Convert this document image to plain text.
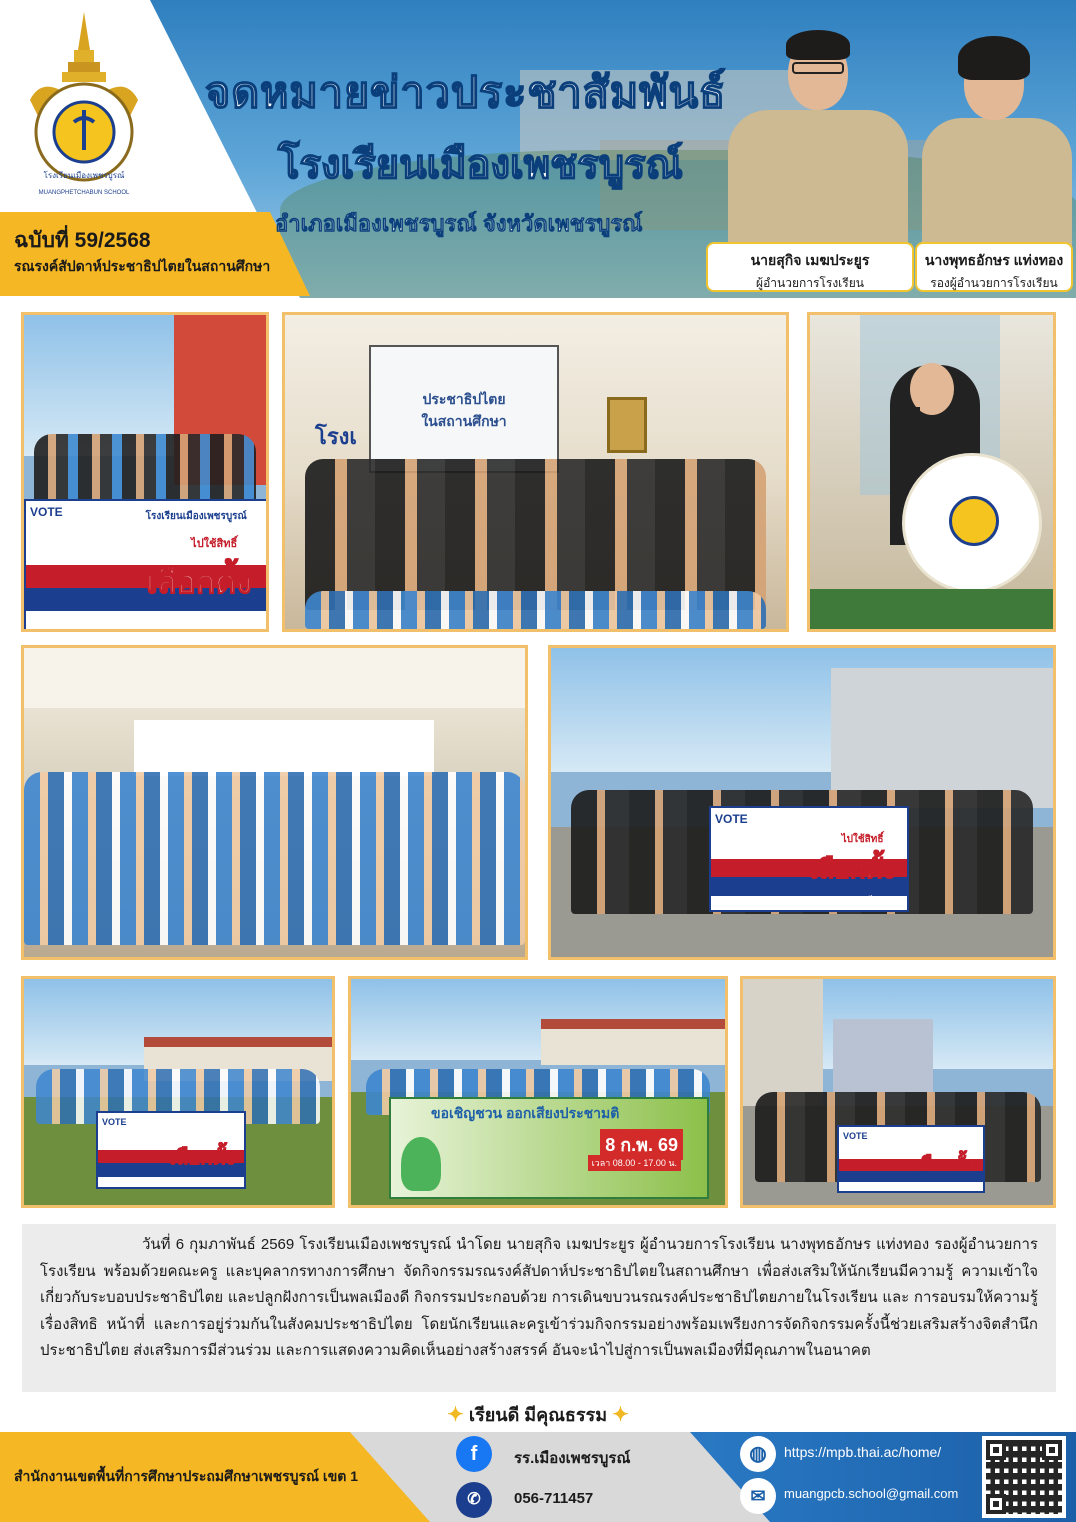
โรงเรียนเมืองเพชรบูรณ์
MUANGPHETCHABUN SCHOOL
ฉบับที่ 59/2568
รณรงค์สัปดาห์ประชาธิปไตยในสถานศึกษา
จดหมายข่าวประชาสัมพันธ์
โรงเรียนเมืองเพชรบูรณ์
อำเภอเมืองเพชรบูรณ์ จังหวัดเพชรบูรณ์
นายสุกิจ เมฆประยูร
ผู้อำนวยการโรงเรียน
นางพุทธอักษร แท่งทอง
รองผู้อำนวยการโรงเรียน
VOTE	โรงเรียนเมืองเพชรบูรณ์
ไปใช้สิทธิ์
เลือกตั้ง
และออกเสียง
ประชาธิปไตย
ในสถานศึกษา
โรงเ
VOTE
ไปใช้สิทธิ์
เลือกตั้ง
และออกเสียง
VOTE
เลือกตั้ง
ขอเชิญชวน ออกเสียงประชามติ
8 ก.พ. 69
เวลา 08.00 - 17.00 น.
VOTE
เลือกตั้ง

วันที่ 6 กุมภาพันธ์ 2569 โรงเรียนเมืองเพชรบูรณ์ นำโดย นายสุกิจ เมฆประยูร ผู้อำนวยการโรงเรียน นางพุทธอักษร แท่งทอง รองผู้อำนวยการโรงเรียน พร้อมด้วยคณะครู และบุคลากรทางการศึกษา จัดกิจกรรมรณรงค์สัปดาห์ประชาธิปไตยในสถานศึกษา เพื่อส่งเสริมให้นักเรียนมีความรู้ ความเข้าใจเกี่ยวกับระบอบประชาธิปไตย และปลูกฝังการเป็นพลเมืองดี กิจกรรมประกอบด้วย การเดินขบวนรณรงค์ประชาธิปไตยภายในโรงเรียน และ การอบรมให้ความรู้เรื่องสิทธิ หน้าที่ และการอยู่ร่วมกันในสังคมประชาธิปไตย โดยนักเรียนและครูเข้าร่วมกิจกรรมอย่างพร้อมเพรียงการจัดกิจกรรมครั้งนี้ช่วยเสริมสร้างจิตสำนึกประชาธิปไตย ส่งเสริมการมีส่วนร่วม และการแสดงความคิดเห็นอย่างสร้างสรรค์ อันจะนำไปสู่การเป็นพลเมืองที่มีคุณภาพในอนาคต

✦ เรียนดี มีคุณธรรม ✦
สำนักงานเขตพื้นที่การศึกษาประถมศึกษาเพชรบูรณ์ เขต 1
f	รร.เมืองเพชรบูรณ์
✆	056-711457
◍	https://mpb.thai.ac/home/
✉	muangpcb.school@gmail.com
